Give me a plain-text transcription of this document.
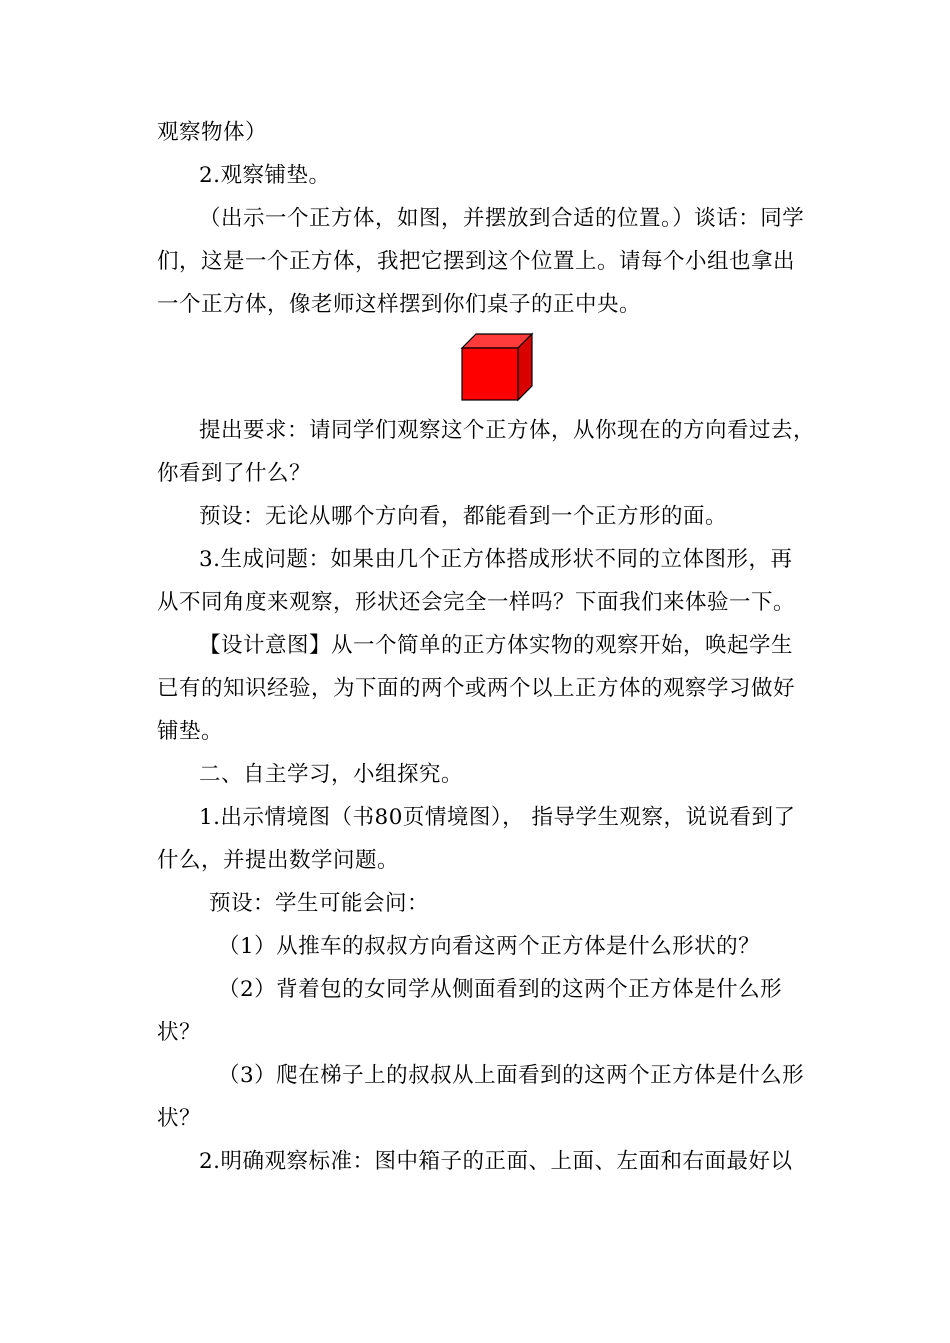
观察物体）
2.观察铺垫。
（出示一个正方体，如图，并摆放到合适的位置。）谈话：同学
们，这是一个正方体，我把它摆到这个位置上。请每个小组也拿出
一个正方体，像老师这样摆到你们桌子的正中央。
提出要求：请同学们观察这个正方体，从你现在的方向看过去，
你看到了什么？
预设：无论从哪个方向看，都能看到一个正方形的面。
3.生成问题：如果由几个正方体搭成形状不同的立体图形，再
从不同角度来观察，形状还会完全一样吗？下面我们来体验一下。
【设计意图】从一个简单的正方体实物的观察开始，唤起学生
已有的知识经验，为下面的两个或两个以上正方体的观察学习做好
铺垫。
二、自主学习，小组探究。
1.出示情境图（书80页情境图）， 指导学生观察，说说看到了
什么，并提出数学问题。
预设：学生可能会问：
（1）从推车的叔叔方向看这两个正方体是什么形状的？
（2）背着包的女同学从侧面看到的这两个正方体是什么形
状？
（3）爬在梯子上的叔叔从上面看到的这两个正方体是什么形
状？
2.明确观察标准：图中箱子的正面、上面、左面和右面最好以
